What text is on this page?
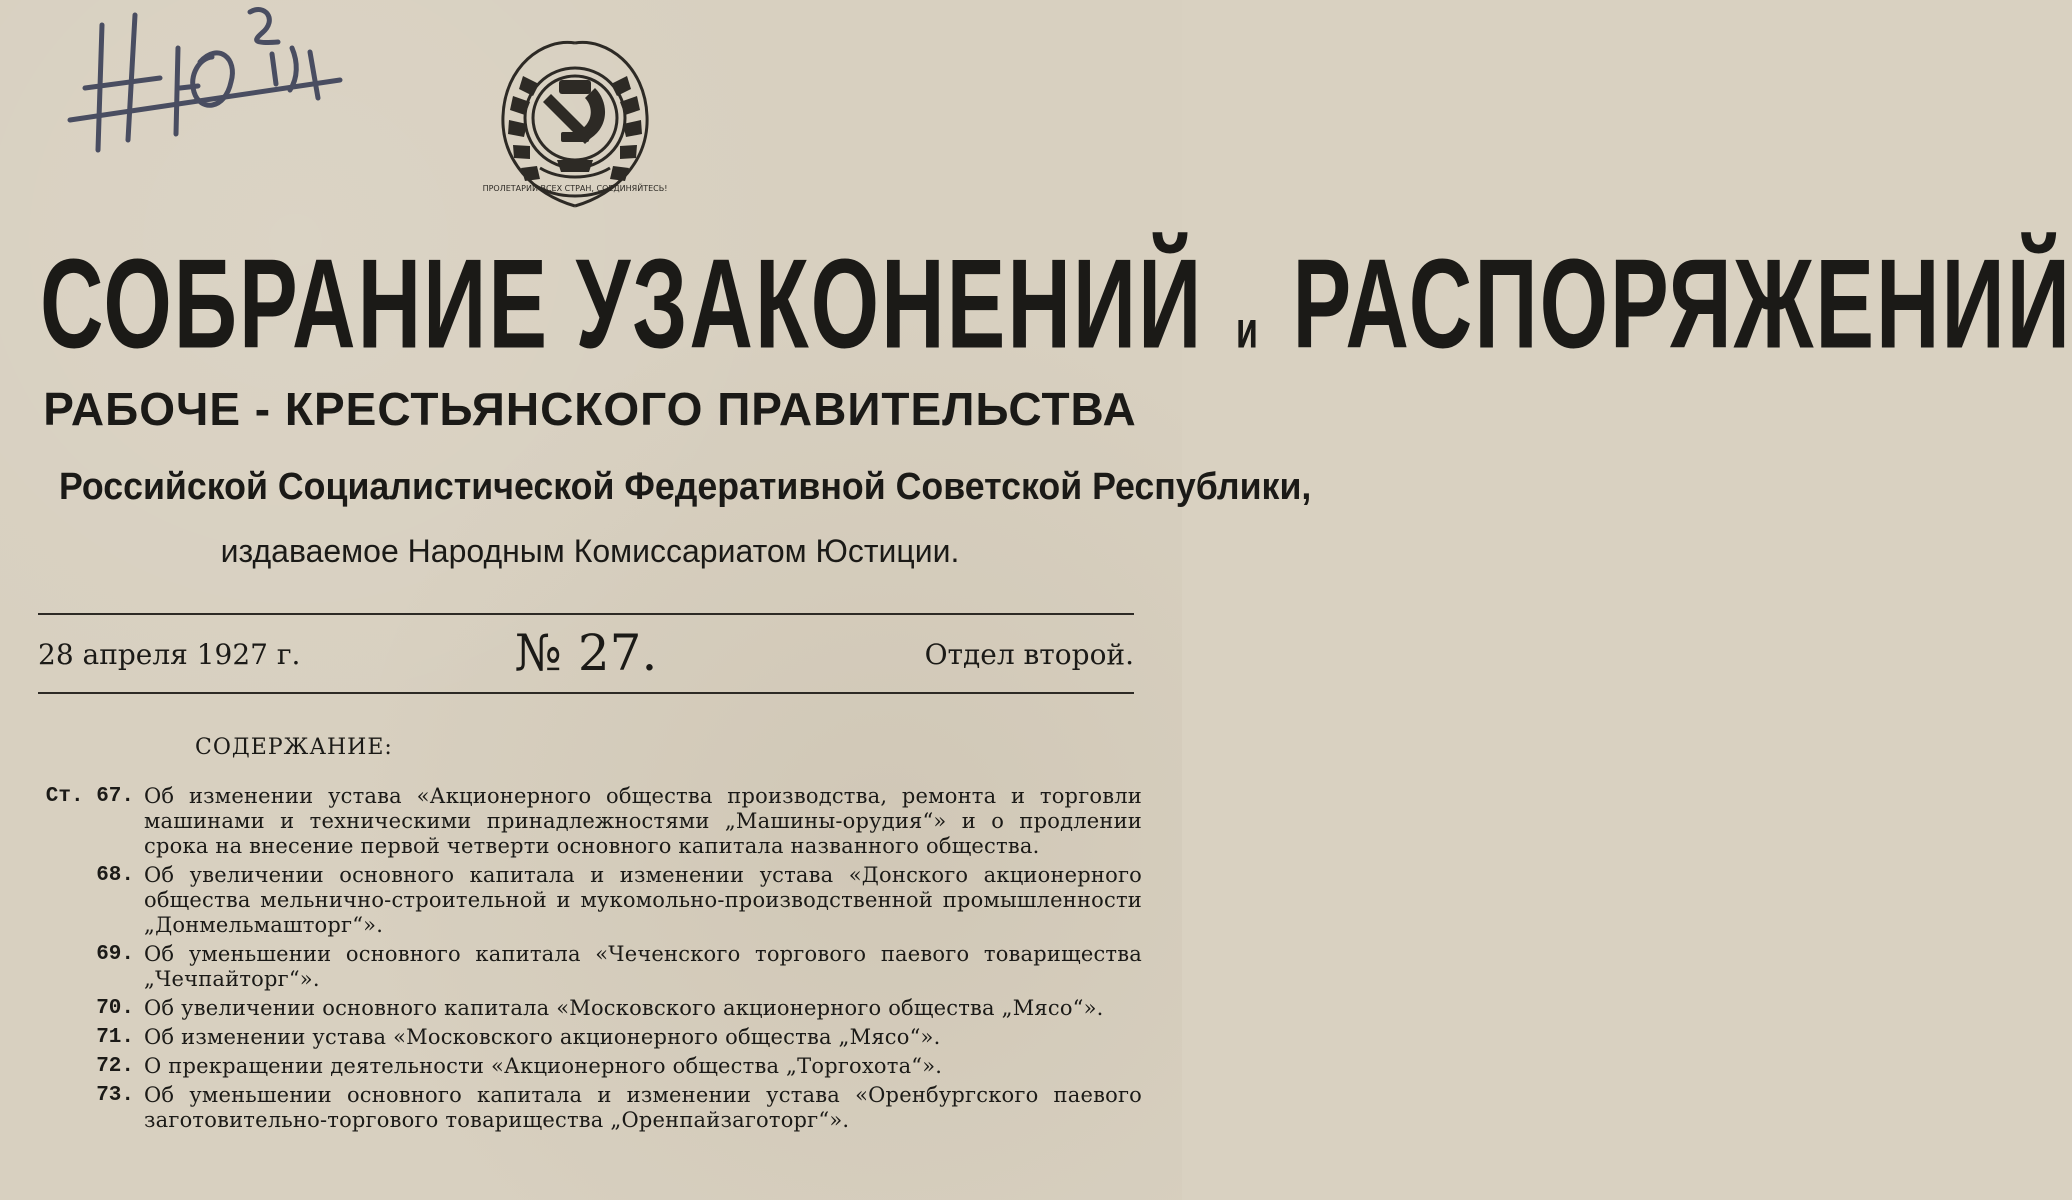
ПРОЛЕТАРИИ ВСЕХ СТРАН, СОЕДИНЯЙТЕСЬ!
СОБРАНИЕ УЗАКОНЕНИЙ и РАСПОРЯЖЕНИЙ
РАБОЧЕ - КРЕСТЬЯНСКОГО ПРАВИТЕЛЬСТВА
Российской Социалистической Федеративной Советской Республики,
издаваемое Народным Комиссариатом Юстиции.
28 апреля 1927 г.	№ 27.	Отдел второй.
СОДЕРЖАНИЕ:
Ст. 67. Об изменении устава «Акционерного общества производства, ремонта и торговли машинами и техническими принадлежностями „Машины-орудия“» и о продлении срока на внесение первой четверти основного капитала названного общества.
68. Об увеличении основного капитала и изменении устава «Донского акционерного общества мельнично-строительной и мукомольно-производственной промышленности „Донмельмашторг“».
69. Об уменьшении основного капитала «Чеченского торгового паевого товарищества „Чечпайторг“».
70. Об увеличении основного капитала «Московского акционерного общества „Мясо“».
71. Об изменении устава «Московского акционерного общества „Мясо“».
72. О прекращении деятельности «Акционерного общества „Торгохота“».
73. Об уменьшении основного капитала и изменении устава «Оренбургского паевого заготовительно-торгового товарищества „Оренпайзаготорг“».
